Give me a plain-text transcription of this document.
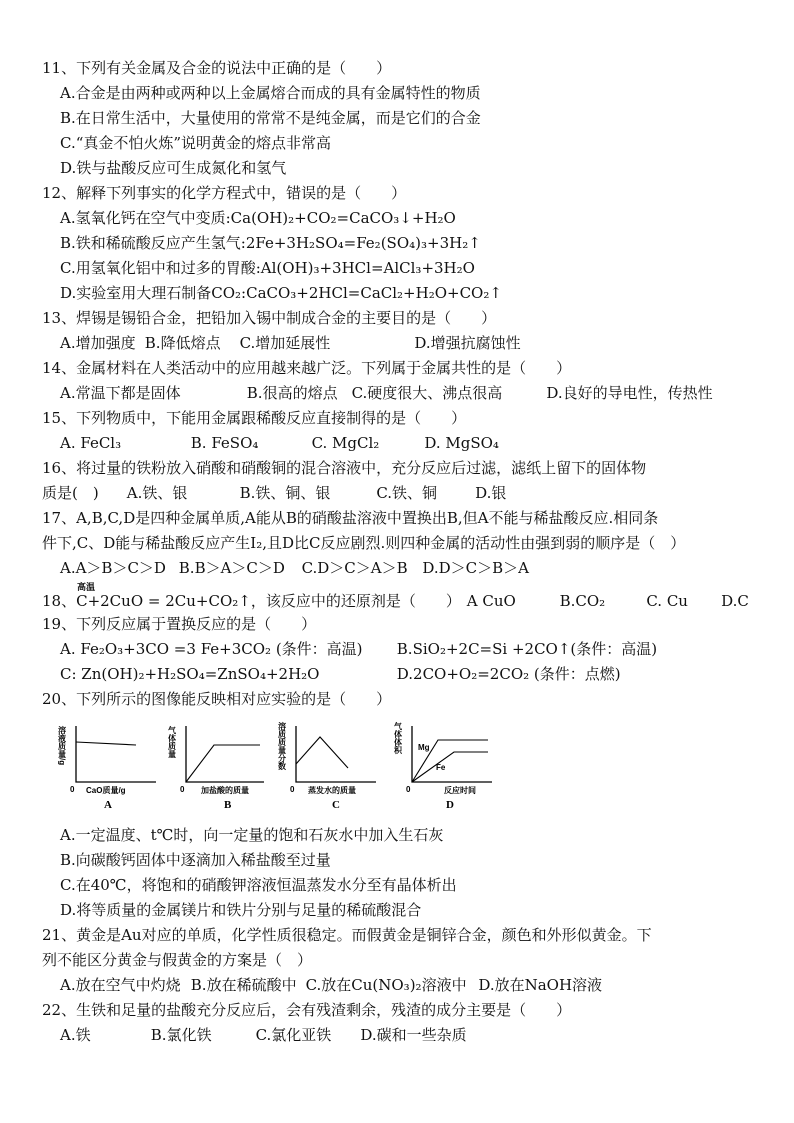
11、下列有关金属及合金的说法中正确的是（　　）
A.合金是由两种或两种以上金属熔合而成的具有金属特性的物质
B.在日常生活中，大量使用的常常不是纯金属，而是它们的合金
C.“真金不怕火炼”说明黄金的熔点非常高
D.铁与盐酸反应可生成氮化和氢气
12、解释下列事实的化学方程式中，错误的是（　　）
A.氢氧化钙在空气中变质:Ca(OH)₂+CO₂=CaCO₃↓+H₂O
B.铁和稀硫酸反应产生氢气:2Fe+3H₂SO₄=Fe₂(SO₄)₃+3H₂↑
C.用氢氧化铝中和过多的胃酸:Al(OH)₃+3HCl=AlCl₃+3H₂O
D.实验室用大理石制备CO₂:CaCO₃+2HCl=CaCl₂+H₂O+CO₂↑
13、焊锡是锡铅合金，把铅加入锡中制成合金的主要目的是（　　）
A.增加强度 B.降低熔点 C.增加延展性	D.增强抗腐蚀性
14、金属材料在人类活动中的应用越来越广泛。下列属于金属共性的是（　　）
A.常温下都是固体	B.很高的熔点 C.硬度很大、沸点很高	D.良好的导电性，传热性
15、下列物质中，下能用金属跟稀酸反应直接制得的是（　　）
A. FeCl₃	B. FeSO₄	C. MgCl₂	D. MgSO₄
16、将过量的铁粉放入硝酸和硝酸铜的混合溶液中，充分反应后过滤，滤纸上留下的固体物
质是(　) A.铁、银	B.铁、铜、银	C.铁、铜	D.银
17、A,B,C,D是四种金属单质,A能从B的硝酸盐溶液中置换出B,但A不能与稀盐酸反应.相同条
件下,C、D能与稀盐酸反应产生I₂,且D比C反应剧烈.则四种金属的活动性由强到弱的顺序是（　）
A.A＞B＞C＞D B.B＞A＞C＞D C.D＞C＞A＞B D.D＞C＞B＞A
高温
18、C+2CuO = 2Cu+CO₂↑，该反应中的还原剂是（　　） A CuO	B.CO₂	C. Cu D.C
19、下列反应属于置换反应的是（　　）
A. Fe₂O₃+3CO =3 Fe+3CO₂ (条件：高温) B.SiO₂+2C=Si +2CO↑(条件：高温)
C: Zn(OH)₂+H₂SO₄=ZnSO₄+2H₂O	D.2CO+O₂=2CO₂ (条件：点燃)
20、下列所示的图像能反映相对应实验的是（　　）
溶液质量/g
CaO质量/g
0
气体质量
加盐酸的质量
0
溶质质量分数
蒸发水的质量
0
气体体积
反应时间
0
Mg
Fe
A	B	C	D
A.一定温度、t℃时，向一定量的饱和石灰水中加入生石灰
B.向碳酸钙固体中逐滴加入稀盐酸至过量
C.在40℃，将饱和的硝酸钾溶液恒温蒸发水分至有晶体析出
D.将等质量的金属镁片和铁片分别与足量的稀硫酸混合
21、黄金是Au对应的单质，化学性质很稳定。而假黄金是铜锌合金，颜色和外形似黄金。下
列不能区分黄金与假黄金的方案是（　）
A.放在空气中灼烧 B.放在稀硫酸中 C.放在Cu(NO₃)₂溶液中 D.放在NaOH溶液
22、生铁和足量的盐酸充分反应后，会有残渣剩余，残渣的成分主要是（　　）
A.铁	B.氯化铁	C.氯化亚铁 D.碳和一些杂质
